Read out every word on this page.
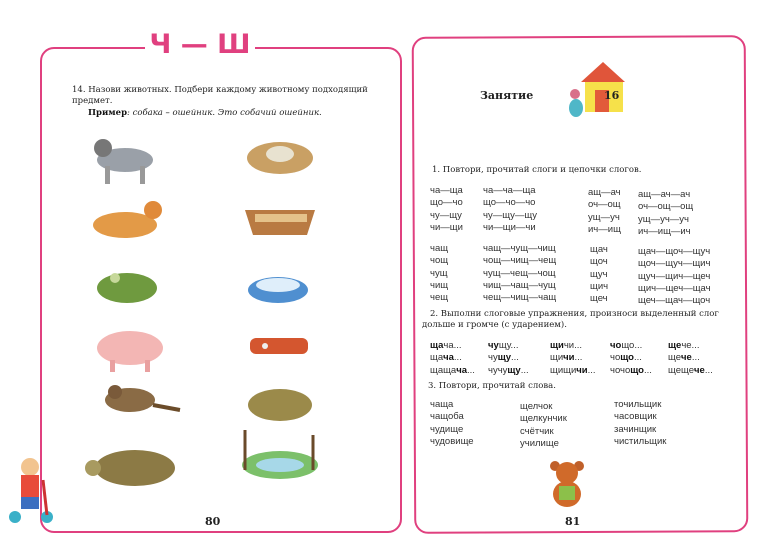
Ч — Ш
14. Назови животных. Подбери каждому животному подходящий предмет.
Пример: собака – ошейник. Это собачий ошейник.
80
Занятие	16
1. Повтори, прочитай слоги и цепочки слогов.
ча—ща
що—чо
чу—щу
чи—щи
ча—ча—ща
що—чо—чо
чу—щу—щу
чи—щи—чи
ащ—ач
оч—ощ
ущ—уч
ич—ищ
ащ—ач—ач
оч—ощ—ощ
ущ—уч—уч
ич—ищ—ич
чащ
чощ
чущ
чищ
чещ
чащ—чущ—чищ
чощ—чищ—чещ
чущ—чещ—чощ
чищ—чащ—чущ
чещ—чищ—чащ
щач
щоч
щуч
щич
щеч
щач—щоч—щуч
щоч—щуч—щич
щуч—щич—щеч
щич—щеч—щач
щеч—щач—щоч
2. Выполни слоговые упражнения, произноси выделенный слог дольше и громче (с ударением).
щача...
щача...
щащача...
чущу...
чущу...
чучущу...
щичи...
щичи...
щищичи...
чощо...
чощо...
чочощо...
щече...
щече...
щещече...
3. Повтори, прочитай слова.
чаща
чащоба
чудище
чудовище
щелчок
щелкунчик
счётчик
училище
точильщик
часовщик
зачинщик
чистильщик
81
